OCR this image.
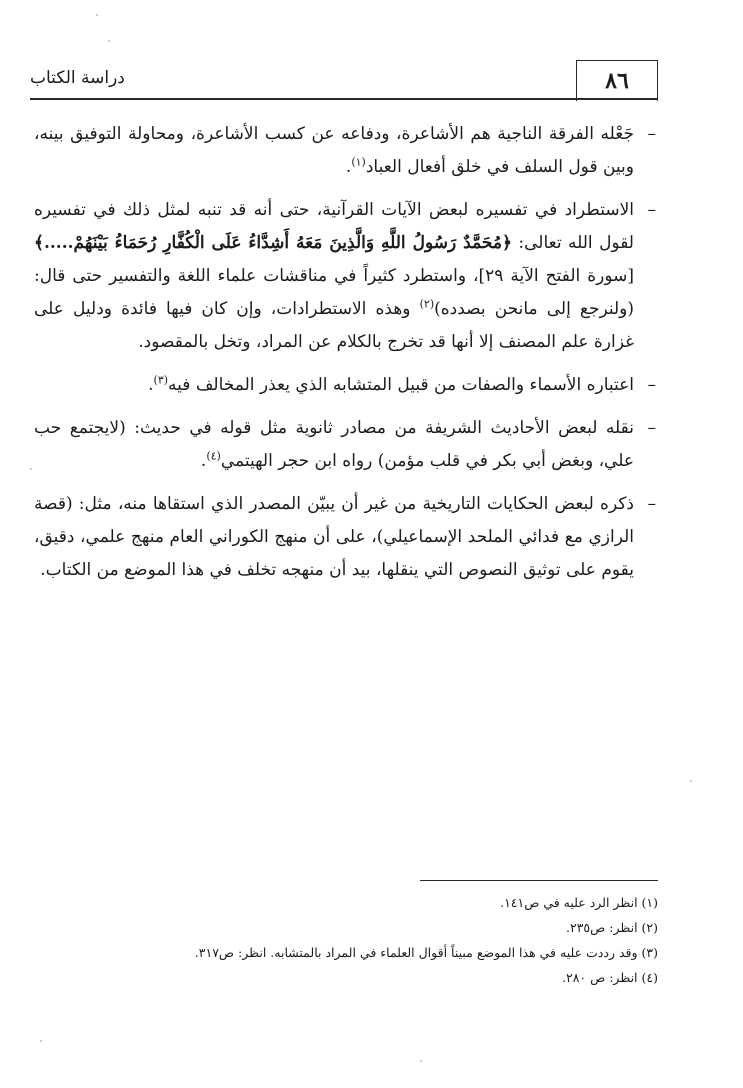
دراسة الكتاب	٨٦
–
جَعْله الفرقة الناجية هم الأشاعرة، ودفاعه عن كسب الأشاعرة، ومحاولة التوفيق بينه، وبين قول السلف في خلق أفعال العباد$^{(١)}$.
–
الاستطراد في تفسيره لبعض الآيات القرآنية، حتى أنه قد تنبه لمثل ذلك في تفسيره لقول الله تعالى: ﴿مُحَمَّدٌ رَسُولُ اللَّهِ وَالَّذِينَ مَعَهُ أَشِدَّاءُ عَلَى الْكُفَّارِ رُحَمَاءُ بَيْنَهُمْ.....﴾ [سورة الفتح الآية ٢٩]، واستطرد كثيراً في مناقشات علماء اللغة والتفسير حتى قال: (ولنرجع إلى مانحن بصدده)$^{(٢)}$ وهذه الاستطرادات، وإن كان فيها فائدة ودليل على غزارة علم المصنف إلا أنها قد تخرج بالكلام عن المراد، وتخل بالمقصود.
–
اعتباره الأسماء والصفات من قبيل المتشابه الذي يعذر المخالف فيه$^{(٣)}$.
–
نقله لبعض الأحاديث الشريفة من مصادر ثانوية مثل قوله في حديث: (لايجتمع حب علي، وبغض أبي بكر في قلب مؤمن) رواه ابن حجر الهيتمي$^{(٤)}$.
–
ذكره لبعض الحكايات التاريخية من غير أن يبيّن المصدر الذي استقاها منه، مثل: (قصة الرازي مع فدائي الملحد الإسماعيلي)، على أن منهج الكوراني العام منهج علمي، دقيق، يقوم على توثيق النصوص التي ينقلها، بيد أن منهجه تخلف في هذا الموضع من الكتاب.
(١) انظر الرد عليه في ص١٤١.
(٢) انظر: ص٢٣٥.
(٣) وقد رددت عليه في هذا الموضع مبيناً أقوال العلماء في المراد بالمتشابه. انظر: ص٣١٧.
(٤) انظر: ص ٢٨٠.
